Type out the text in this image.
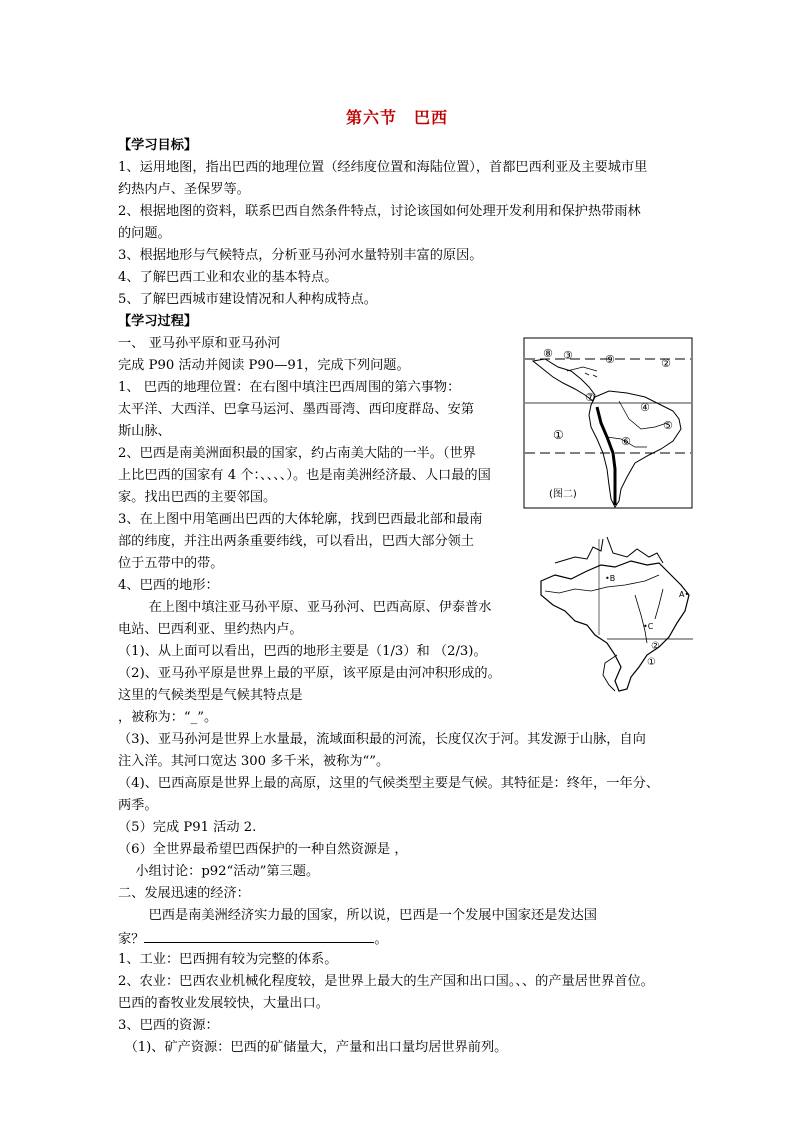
第六节　巴西
【学习目标】
1、运用地图，指出巴西的地理位置（经纬度位置和海陆位置），首都巴西利亚及主要城市里
约热内卢、圣保罗等。
2、根据地图的资料，联系巴西自然条件特点，讨论该国如何处理开发利用和保护热带雨林
的问题。
3、根据地形与气候特点，分析亚马孙河水量特别丰富的原因。
4、了解巴西工业和农业的基本特点。
5、了解巴西城市建设情况和人种构成特点。
【学习过程】
一、 亚马孙平原和亚马孙河
完成 P90 活动并阅读 P90—91，完成下列问题。
1、 巴西的地理位置：在右图中填注巴西周围的第六事物：
太平洋、大西洋、巴拿马运河、墨西哥湾、西印度群岛、安第
斯山脉、
2、巴西是南美洲面积最的国家，约占南美大陆的一半。（世界
上比巴西的国家有 4 个：、、、、）。也是南美洲经济最、人口最的国
家。找出巴西的主要邻国。
3、在上图中用笔画出巴西的大体轮廓，找到巴西最北部和最南
部的纬度，并注出两条重要纬线，可以看出，巴西大部分领土
位于五带中的带。
4、巴西的地形：
　　 在上图中填注亚马孙平原、亚马孙河、巴西高原、伊泰普水
电站、巴西利亚、里约热内卢。
（1)、从上面可以看出，巴西的地形主要是（1/3）和 （2/3)。
（2)、亚马孙平原是世界上最的平原，该平原是由河冲积形成的。
这里的气候类型是气候其特点是
，被称为：“_”。
（3)、亚马孙河是世界上水量最，流域面积最的河流，长度仅次于河。其发源于山脉，自向
注入洋。其河口宽达 300 多千米，被称为“”。
（4)、巴西高原是世界上最的高原，这里的气候类型主要是气候。其特征是：终年，一年分、
两季。
（5）完成 P91 活动 2.
（6）全世界最希望巴西保护的一种自然资源是 ，
　 小组讨论：p92“活动”第三题。
二、发展迅速的经济：
　　 巴西是南美洲经济实力最的国家，所以说，巴西是一个发展中国家还是发达国
家？	。
1、工业：巴西拥有较为完整的体系。
2、农业：巴西农业机械化程度较，是世界上最大的生产国和出口国。、、的产量居世界首位。
巴西的畜牧业发展较快，大量出口。
3、巴西的资源：
　（1)、矿产资源：巴西的矿储量大，产量和出口量均居世界前列。
⑧ ③	⑨	②
⑦
④
①
⑤
⑥
(图二)
•B
A•
•C
②
①
